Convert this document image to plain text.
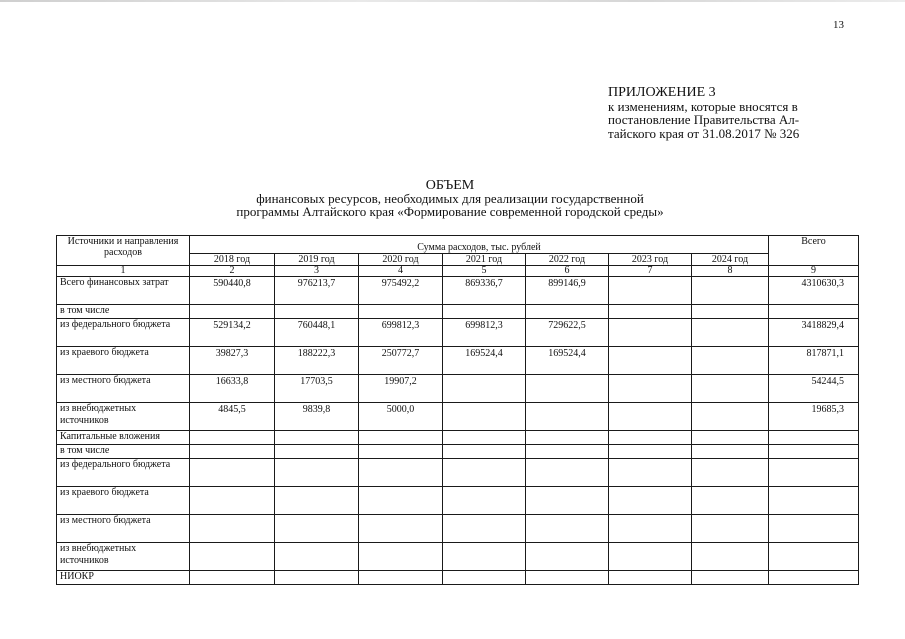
13
ПРИЛОЖЕНИЕ 3
к изменениям, которые вносятся в
постановление Правительства Ал-
тайского края от 31.08.2017 № 326
ОБЪЕМ
финансовых ресурсов, необходимых для реализации государственной
программы Алтайского края «Формирование современной городской среды»
Источники и направления расходов	Сумма расходов, тыс. рублей							Всего
	2018 год	2019 год	2020 год	2021 год	2022 год	2023 год	2024 год	
1	2	3	4	5	6	7	8	9
Всего финансовых затрат	590440,8	976213,7	975492,2	869336,7	899146,9			4310630,3
в том числе								
из федерального бюджета	529134,2	760448,1	699812,3	699812,3	729622,5			3418829,4
из краевого бюджета	39827,3	188222,3	250772,7	169524,4	169524,4			817871,1
из местного бюджета	16633,8	17703,5	19907,2					54244,5
из внебюджетных источников	4845,5	9839,8	5000,0					19685,3
Капитальные вложения								
в том числе								
из федерального бюджета								
из краевого бюджета								
из местного бюджета								
из внебюджетных источников								
НИОКР								
